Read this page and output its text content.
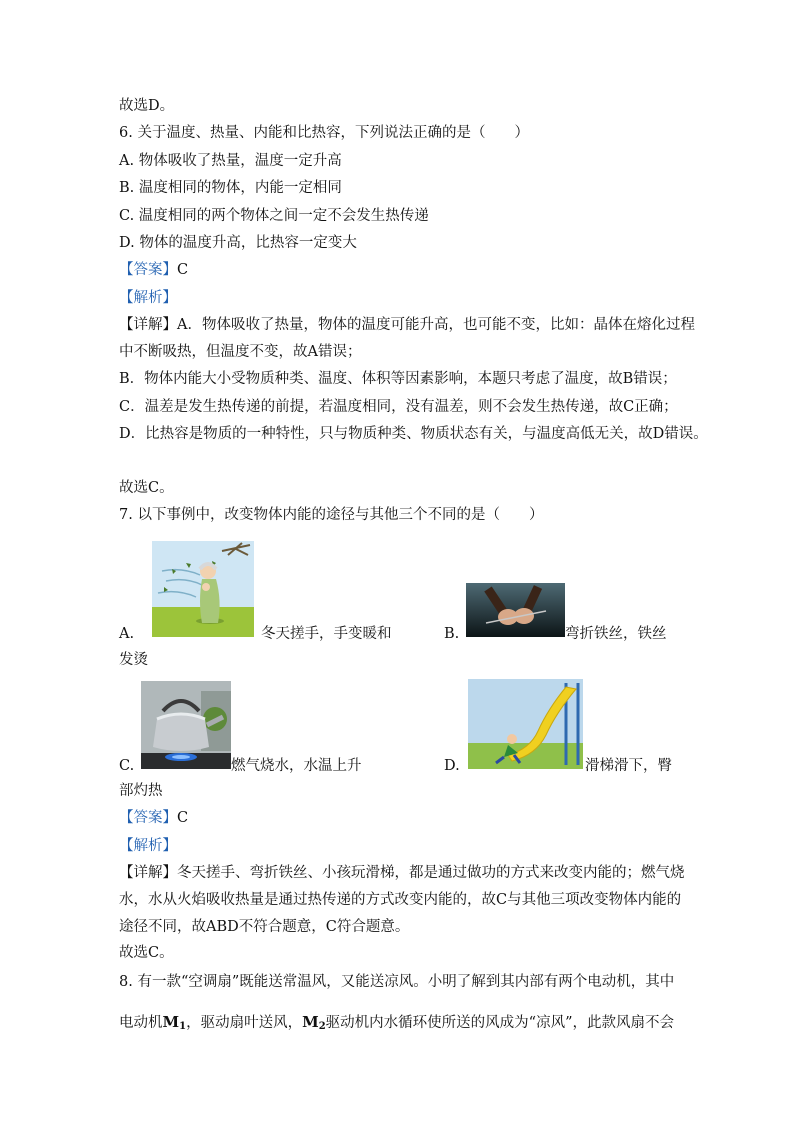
故选D。
6. 关于温度、热量、内能和比热容，下列说法正确的是（　　）
A. 物体吸收了热量，温度一定升高
B. 温度相同的物体，内能一定相同
C. 温度相同的两个物体之间一定不会发生热传递
D. 物体的温度升高，比热容一定变大
【答案】C
【解析】
【详解】A．物体吸收了热量，物体的温度可能升高，也可能不变，比如：晶体在熔化过程
中不断吸热，但温度不变，故A错误；
B．物体内能大小受物质种类、温度、体积等因素影响，本题只考虑了温度，故B错误；
C．温差是发生热传递的前提，若温度相同，没有温差，则不会发生热传递，故C正确；
D．比热容是物质的一种特性，只与物质种类、物质状态有关，与温度高低无关，故D错误。
故选C。
7. 以下事例中，改变物体内能的途径与其他三个不同的是（　　）
A.	冬天搓手，手变暖和	B.	弯折铁丝，铁丝
发烫
C.	燃气烧水，水温上升	D.	滑梯滑下，臀
部灼热
【答案】C
【解析】
【详解】冬天搓手、弯折铁丝、小孩玩滑梯，都是通过做功的方式来改变内能的；燃气烧
水，水从火焰吸收热量是通过热传递的方式改变内能的，故C与其他三项改变物体内能的
途径不同，故ABD不符合题意，C符合题意。
故选C。
8. 有一款“空调扇”既能送常温风，又能送凉风。小明了解到其内部有两个电动机，其中
电动机$M_1$，驱动扇叶送风，$M_2$驱动机内水循环使所送的风成为“凉风”，此款风扇不会
